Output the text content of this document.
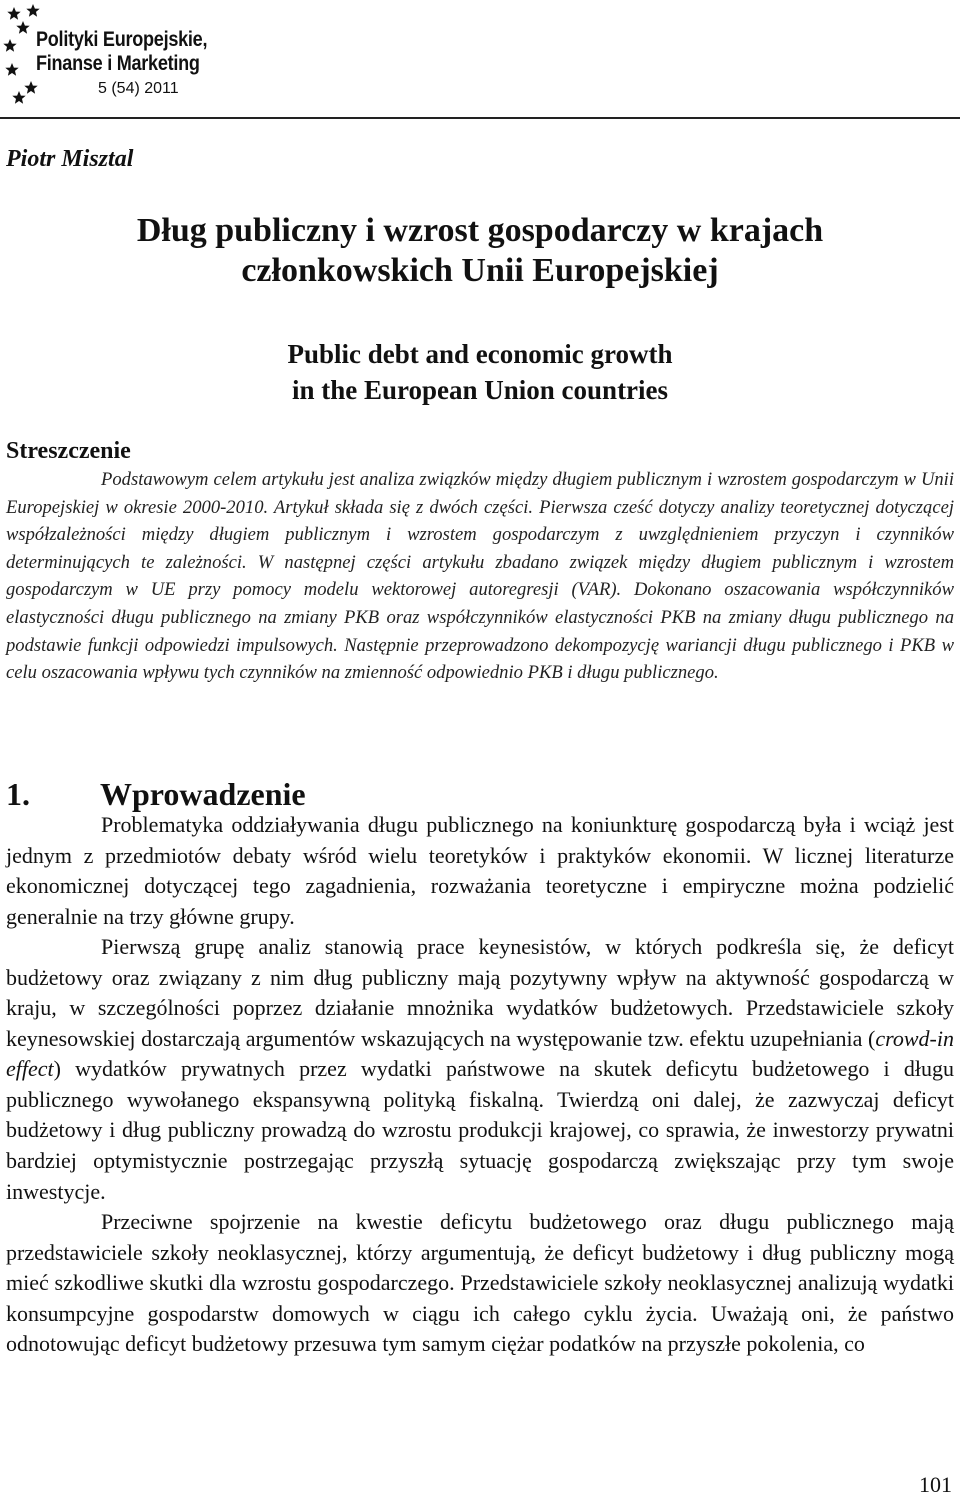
Polityki Europejskie,
Finanse i Marketing
5 (54) 2011
Piotr Misztal
Dług publiczny i wzrost gospodarczy w krajach
członkowskich Unii Europejskiej
Public debt and economic growth
in the European Union countries
Streszczenie
Podstawowym celem artykułu jest analiza związków między długiem publicznym i wzrostem gospodarczym w Unii Europejskiej w okresie 2000-2010. Artykuł składa się z dwóch części. Pierwsza cześć dotyczy analizy teoretycznej dotyczącej współzależności między długiem publicznym i wzrostem gospodarczym z uwzględnieniem przyczyn i czynników determinujących te zależności. W następnej części artykułu zbadano związek między długiem publicznym i wzrostem gospodarczym w UE przy pomocy modelu wektorowej autoregresji (VAR). Dokonano oszacowania współczynników elastyczności długu publicznego na zmiany PKB oraz współczynników elastyczności PKB na zmiany długu publicznego na podstawie funkcji odpowiedzi impulsowych. Następnie przeprowadzono dekompozycję wariancji długu publicznego i PKB w celu oszacowania wpływu tych czynników na zmienność odpowiednio PKB i długu publicznego.
1. Wprowadzenie

Problematyka oddziaływania długu publicznego na koniunkturę gospodarczą była i wciąż jest jednym z przedmiotów debaty wśród wielu teoretyków i praktyków ekonomii. W licznej literaturze ekonomicznej dotyczącej tego zagadnienia, rozważania teoretyczne i empiryczne można podzielić generalnie na trzy główne grupy.

Pierwszą grupę analiz stanowią prace keynesistów, w których podkreśla się, że deficyt budżetowy oraz związany z nim dług publiczny mają pozytywny wpływ na aktywność gospodarczą w kraju, w szczególności poprzez działanie mnożnika wydatków budżetowych. Przedstawiciele szkoły keynesowskiej dostarczają argumentów wskazujących na występowanie tzw. efektu uzupełniania (crowd-in effect) wydatków prywatnych przez wydatki państwowe na skutek deficytu budżetowego i długu publicznego wywołanego ekspansywną polityką fiskalną. Twierdzą oni dalej, że zazwyczaj deficyt budżetowy i dług publiczny prowadzą do wzrostu produkcji krajowej, co sprawia, że inwestorzy prywatni bardziej optymistycznie postrzegając przyszłą sytuację gospodarczą zwiększając przy tym swoje inwestycje.

Przeciwne spojrzenie na kwestie deficytu budżetowego oraz długu publicznego mają przedstawiciele szkoły neoklasycznej, którzy argumentują, że deficyt budżetowy i dług publiczny mogą mieć szkodliwe skutki dla wzrostu gospodarczego. Przedstawiciele szkoły neoklasycznej analizują wydatki konsumpcyjne gospodarstw domowych w ciągu ich całego cyklu życia. Uważają oni, że państwo odnotowując deficyt budżetowy przesuwa tym samym ciężar podatków na przyszłe pokolenia, co

101
